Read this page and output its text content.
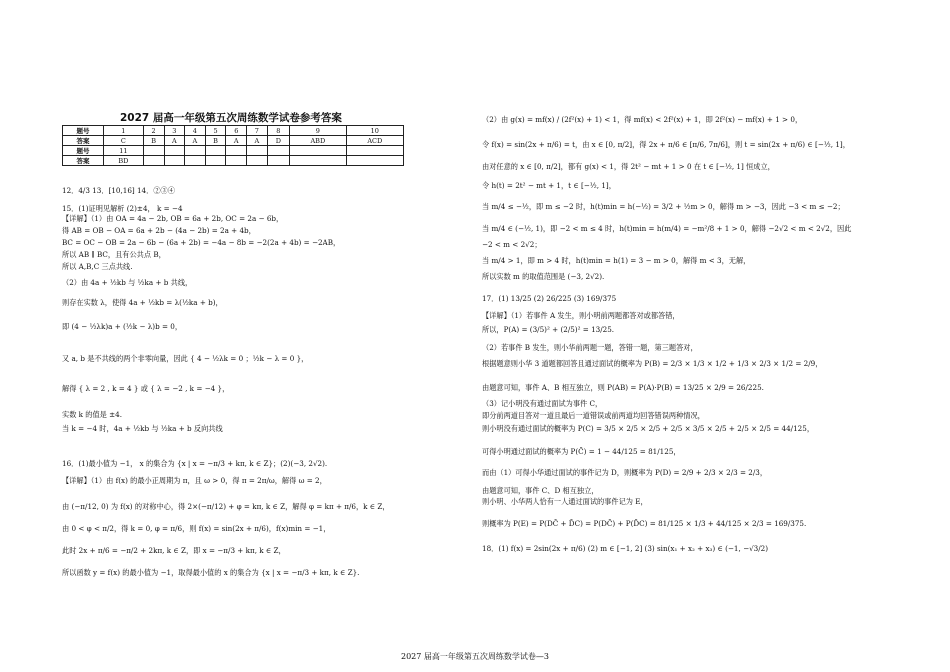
2027 届高一年级第五次周练数学试卷参考答案
题号	1	2	3	4	5	6	7	8	9	10
答案	C	B	A	A	B	A	A	D	ABD	ACD
题号	11									
答案	BD									
12．4/3 13．[10,16] 14．②③④
15．(1)证明见解析 (2)±4， k = −4
【详解】（1）由 OA = 4a − 2b, OB = 6a + 2b, OC = 2a − 6b，
得 AB = OB − OA = 6a + 2b − (4a − 2b) = 2a + 4b，
BC = OC − OB = 2a − 6b − (6a + 2b) = −4a − 8b = −2(2a + 4b) = −2AB，
所以 AB ∥ BC，且有公共点 B，
所以 A,B,C 三点共线.
（2）由 4a + ½kb 与 ½ka + b 共线，
则存在实数 λ，使得 4a + ½kb = λ(½ka + b)，
即 (4 − ½λk)a + (½k − λ)b = 0，
又 a, b 是不共线的两个非零向量，因此 { 4 − ½λk = 0 ；½k − λ = 0 }，
解得 { λ = 2 , k = 4 } 或 { λ = −2 , k = −4 }，
实数 k 的值是 ±4.
当 k = −4 时，4a + ½kb 与 ½ka + b 反向共线
16．(1)最小值为 −1， x 的集合为 {x | x = −π/3 + kπ, k ∈ Z}；(2)(−3, 2√2).
【详解】（1）由 f(x) 的最小正周期为 π，且 ω > 0，得 π = 2π/ω，解得 ω = 2，
由 (−π/12, 0) 为 f(x) 的对称中心，得 2×(−π/12) + φ = kπ, k ∈ Z，解得 φ = kπ + π/6，k ∈ Z，
由 0 < φ < π/2，得 k = 0, φ = π/6，则 f(x) = sin(2x + π/6)，f(x)min = −1，
此时 2x + π/6 = −π/2 + 2kπ, k ∈ Z，即 x = −π/3 + kπ, k ∈ Z，
所以函数 y = f(x) 的最小值为 −1，取得最小值的 x 的集合为 {x | x = −π/3 + kπ, k ∈ Z}.
（2）由 g(x) = mf(x) / (2f²(x) + 1) < 1，得 mf(x) < 2f²(x) + 1，即 2f²(x) − mf(x) + 1 > 0，
令 f(x) = sin(2x + π/6) = t，由 x ∈ [0, π/2]，得 2x + π/6 ∈ [π/6, 7π/6]，则 t = sin(2x + π/6) ∈ [−½, 1]，
由对任意的 x ∈ [0, π/2]，都有 g(x) < 1，得 2t² − mt + 1 > 0 在 t ∈ [−½, 1] 恒成立，
令 h(t) = 2t² − mt + 1，t ∈ [−½, 1]，
当 m/4 ≤ −½，即 m ≤ −2 时，h(t)min = h(−½) = 3/2 + ½m > 0，解得 m > −3，因此 −3 < m ≤ −2；
当 m/4 ∈ (−½, 1)，即 −2 < m ≤ 4 时，h(t)min = h(m/4) = −m²/8 + 1 > 0，解得 −2√2 < m < 2√2，因此
−2 < m < 2√2；
当 m/4 > 1，即 m > 4 时，h(t)min = h(1) = 3 − m > 0，解得 m < 3，无解，
所以实数 m 的取值范围是 (−3, 2√2).
17．(1) 13/25 (2) 26/225 (3) 169/375
【详解】（1）若事件 A 发生，则小明前两题都答对或都答错，
所以，P(A) = (3/5)² + (2/5)² = 13/25.
（2）若事件 B 发生，则小华前两题一题，答错一题，第三题答对，
根据题意则小华 3 道题都回答且通过面试的概率为 P(B) = 2/3 × 1/3 × 1/2 + 1/3 × 2/3 × 1/2 = 2/9，
由题意可知，事件 A、B 相互独立，则 P(AB) = P(A)·P(B) = 13/25 × 2/9 = 26/225.
（3）记小明没有通过面试为事件 C，
即分前两道目答对一道且最后一道错误或前两道均回答错误两种情况，
则小明没有通过面试的概率为 P(C) = 3/5 × 2/5 × 2/5 + 2/5 × 3/5 × 2/5 + 2/5 × 2/5 = 44/125，
可得小明通过面试的概率为 P(C̄) = 1 − 44/125 = 81/125，
而由（1）可得小华通过面试的事件记为 D，则概率为 P(D) = 2/9 + 2/3 × 2/3 = 2/3，
由题意可知，事件 C、D 相互独立，
则小明、小华两人恰有一人通过面试的事件记为 E，
则概率为 P(E) = P(DC̄ + D̄C) = P(DC̄) + P(D̄C) = 81/125 × 1/3 + 44/125 × 2/3 = 169/375.
18．(1) f(x) = 2sin(2x + π/6) (2) m ∈ [−1, 2] (3) sin(x₁ + x₂ + x₃) ∈ (−1, −√3/2)
2027 届高一年级第五次周练数学试卷—3
